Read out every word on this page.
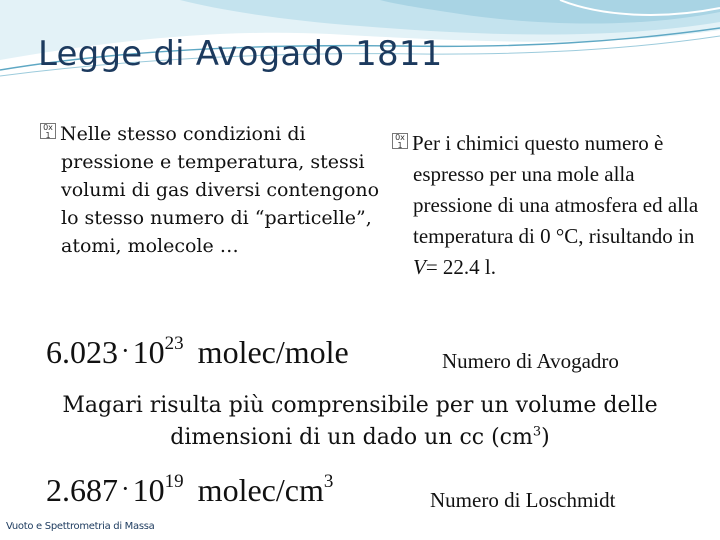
Legge di Avogado 1811

0x 1 Nelle stesso condizioni di pressione e temperatura, stessi volumi di gas diversi contengono lo stesso numero di “particelle”, atomi, molecole …

0x 1 Per i chimici questo numero è espresso per una mole alla pressione di una atmosfera ed alla temperatura di 0 °C, risultando in V= 22.4 l.

$6.023 \cdot 10^{23}$ molec/mole	Numero di Avogadro
Magari risulta più comprensibile per un volume delle dimensioni di un dado un cc $(cm^3)$
$2.687 \cdot 10^{19}$ molec/$cm^3$
Numero di Loschmidt
Vuoto e Spettrometria di Massa
